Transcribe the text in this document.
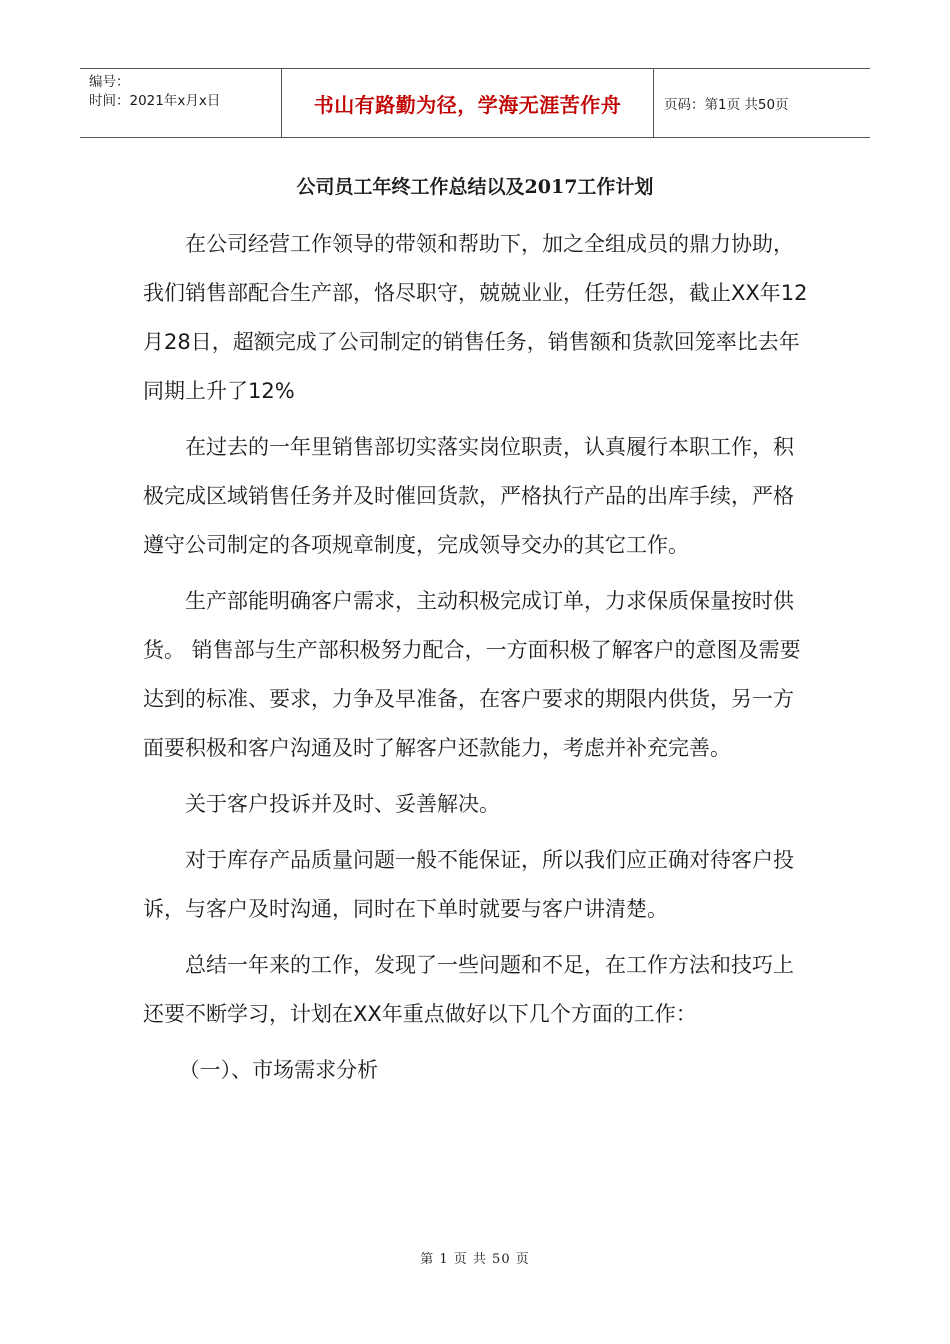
编号：
时间：2021年x月x日	书山有路勤为径，学海无涯苦作舟	页码：第1页 共50页
公司员工年终工作总结以及2017工作计划

在公司经营工作领导的带领和帮助下，加之全组成员的鼎力协助，我们销售部配合生产部，恪尽职守，兢兢业业，任劳任怨，截止XX年12月28日，超额完成了公司制定的销售任务，销售额和货款回笼率比去年同期上升了12%

在过去的一年里销售部切实落实岗位职责，认真履行本职工作，积极完成区域销售任务并及时催回货款，严格执行产品的出库手续，严格遵守公司制定的各项规章制度，完成领导交办的其它工作。

生产部能明确客户需求，主动积极完成订单，力求保质保量按时供货。 销售部与生产部积极努力配合，一方面积极了解客户的意图及需要达到的标准、要求，力争及早准备，在客户要求的期限内供货，另一方面要积极和客户沟通及时了解客户还款能力，考虑并补充完善。

关于客户投诉并及时、妥善解决。

对于库存产品质量问题一般不能保证，所以我们应正确对待客户投诉，与客户及时沟通，同时在下单时就要与客户讲清楚。

总结一年来的工作，发现了一些问题和不足，在工作方法和技巧上还要不断学习，计划在XX年重点做好以下几个方面的工作：

（一）、市场需求分析

第 1 页 共 50 页
